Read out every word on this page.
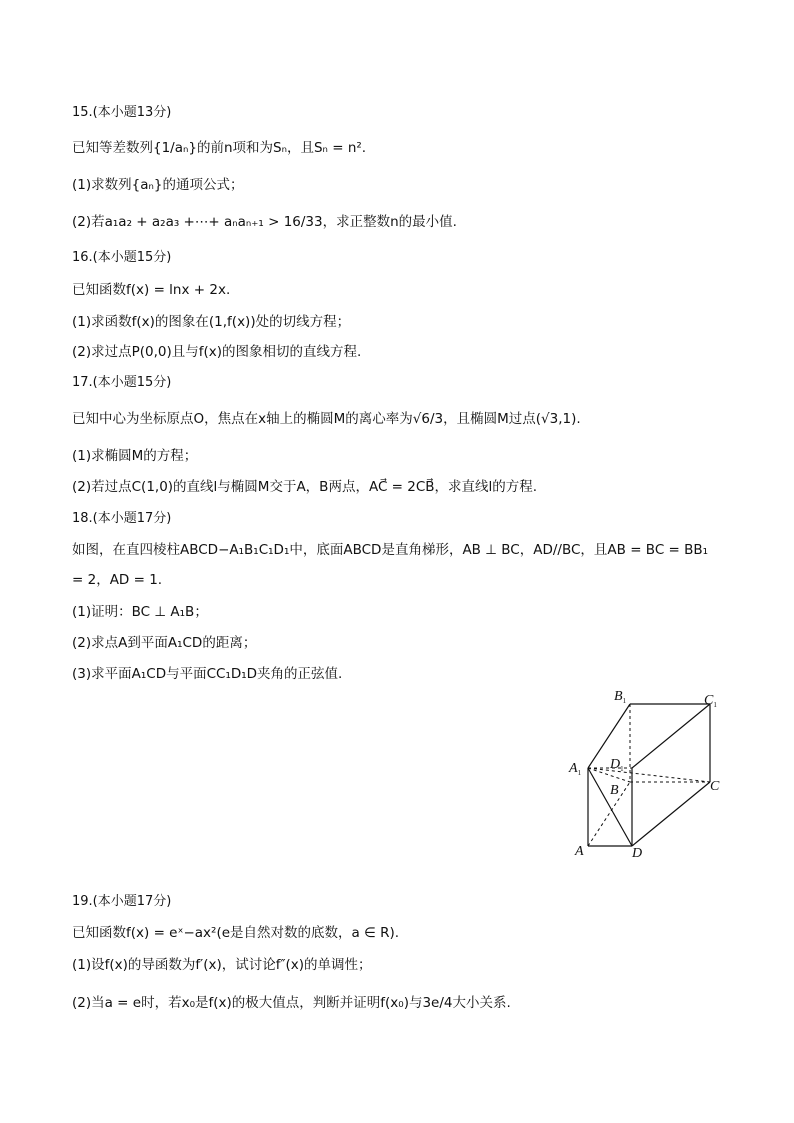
15.(本小题13分)
已知等差数列{1/aₙ}的前n项和为Sₙ，且Sₙ = n².
(1)求数列{aₙ}的通项公式；
(2)若a₁a₂ + a₂a₃ +⋯+ aₙaₙ₊₁ > 16/33，求正整数n的最小值.
16.(本小题15分)
已知函数f(x) = lnx + 2x.
(1)求函数f(x)的图象在(1,f(x))处的切线方程；
(2)求过点P(0,0)且与f(x)的图象相切的直线方程.
17.(本小题15分)
已知中心为坐标原点O，焦点在x轴上的椭圆M的离心率为√6/3，且椭圆M过点(√3,1).
(1)求椭圆M的方程；
(2)若过点C(1,0)的直线l与椭圆M交于A，B两点，AC⃗ = 2CB⃗，求直线l的方程.
18.(本小题17分)
如图，在直四棱柱ABCD−A₁B₁C₁D₁中，底面ABCD是直角梯形，AB ⊥ BC，AD//BC，且AB = BC = BB₁
= 2，AD = 1.
(1)证明：BC ⊥ A₁B；
(2)求点A到平面A₁CD的距离；
(3)求平面A₁CD与平面CC₁D₁D夹角的正弦值.
$B_1$	$C_1$
$D_1$
$A_1$
B	C
A	D
19.(本小题17分)
已知函数f(x) = eˣ−ax²(e是自然对数的底数，a ∈ R).
(1)设f(x)的导函数为f′(x)，试讨论f″(x)的单调性；
(2)当a = e时，若x₀是f(x)的极大值点，判断并证明f(x₀)与3e/4大小关系.
